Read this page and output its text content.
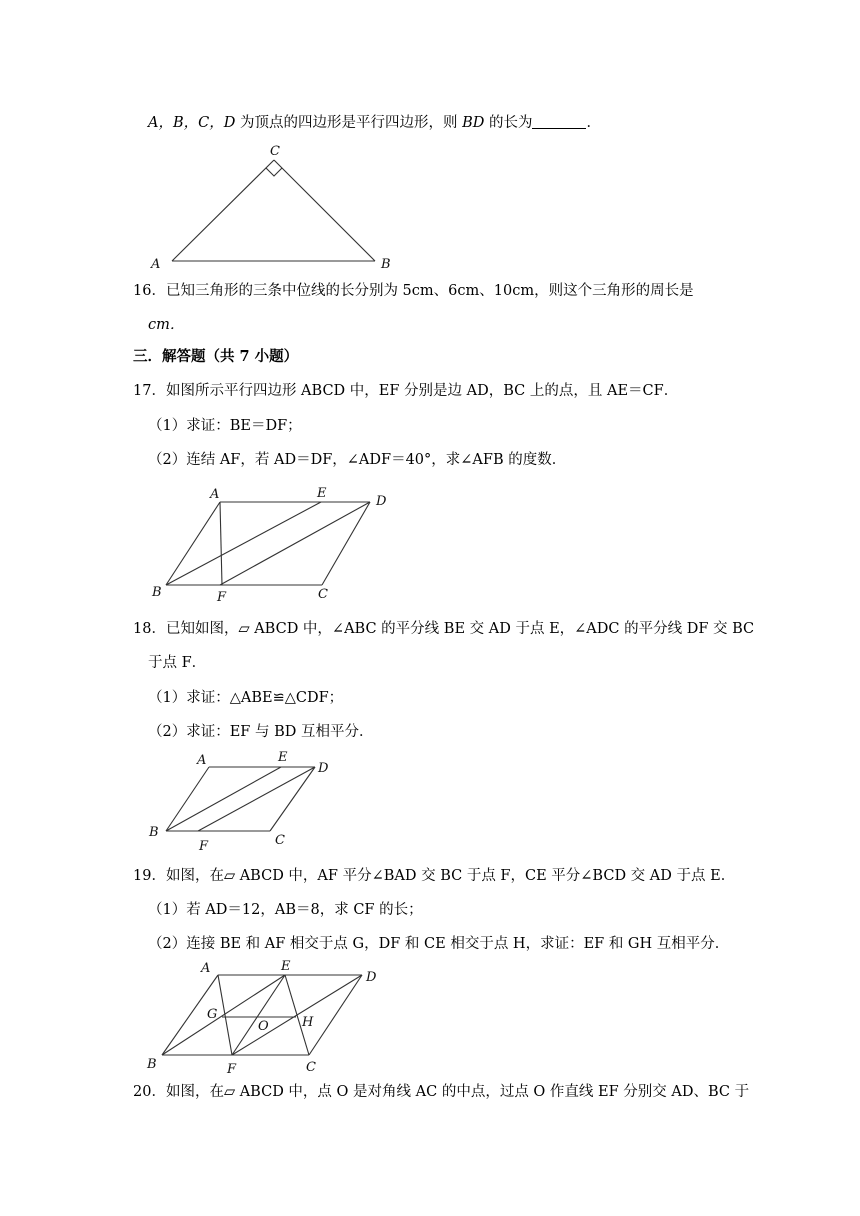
A，B，C，D 为顶点的四边形是平行四边形，则 BD 的长为	．
C
A	B
16．已知三角形的三条中位线的长分别为 5cm、6cm、10cm，则这个三角形的周长是
cm．
三．解答题（共 7 小题）
17．如图所示平行四边形 ABCD 中，EF 分别是边 AD，BC 上的点，且 AE＝CF．
（1）求证：BE＝DF；
（2）连结 AF，若 AD＝DF，∠ADF＝40°，求∠AFB 的度数．
A	E
D
B	F	C
18．已知如图，▱ ABCD 中，∠ABC 的平分线 BE 交 AD 于点 E，∠ADC 的平分线 DF 交 BC
于点 F．
（1）求证：△ABE≌△CDF；
（2）求证：EF 与 BD 互相平分．
A	E
D
B
F	C
19．如图，在▱ ABCD 中，AF 平分∠BAD 交 BC 于点 F，CE 平分∠BCD 交 AD 于点 E．
（1）若 AD＝12，AB＝8，求 CF 的长；
（2）连接 BE 和 AF 相交于点 G，DF 和 CE 相交于点 H，求证：EF 和 GH 互相平分．
A	E
D
G
O	H
B	F	C
20．如图，在▱ ABCD 中，点 O 是对角线 AC 的中点，过点 O 作直线 EF 分别交 AD、BC 于
